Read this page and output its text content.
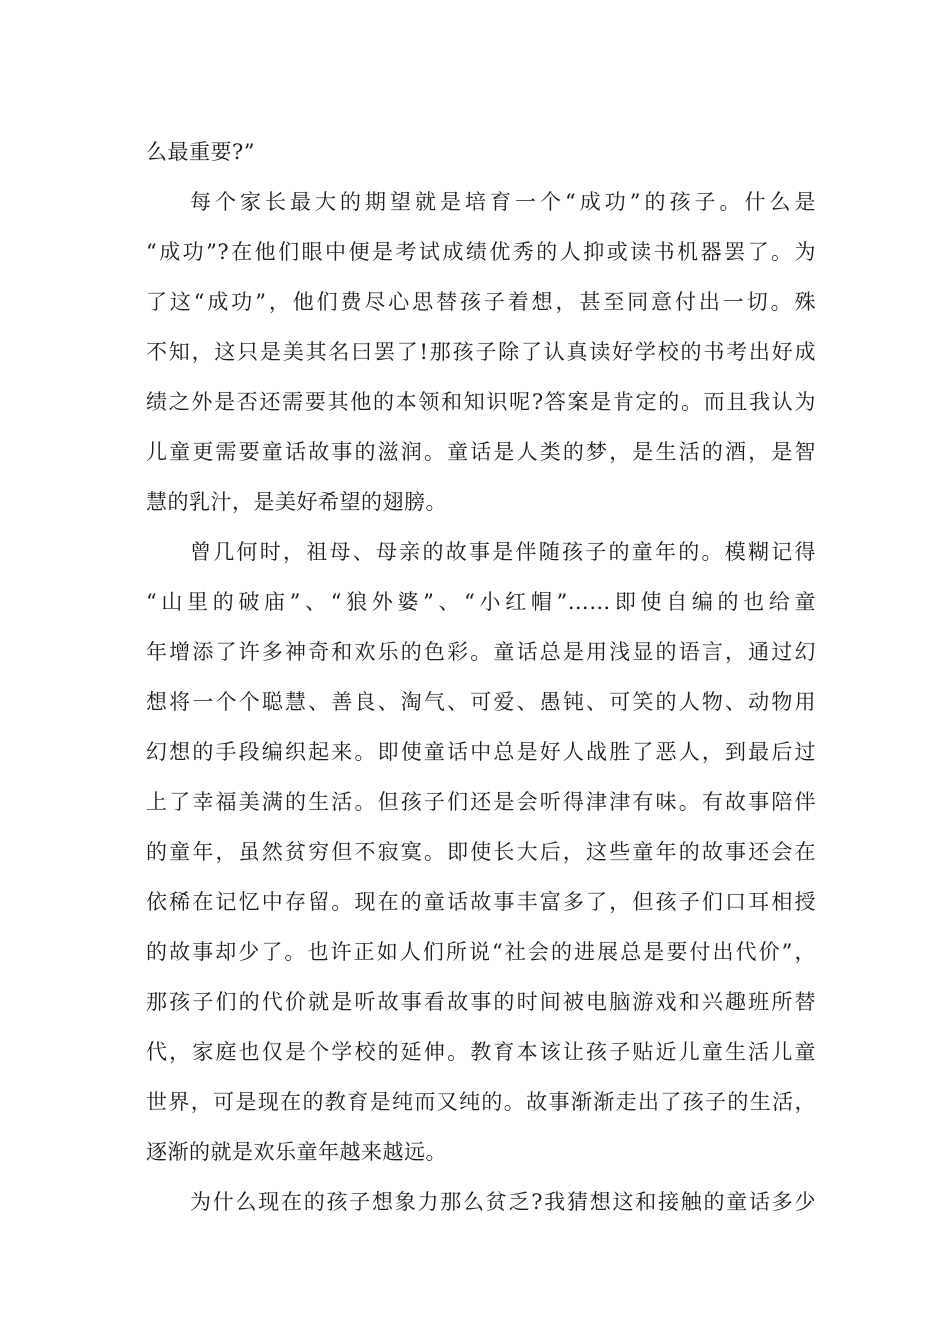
么最重要?”
每个家长最大的期望就是培育一个“成功”的孩子。什么是
“成功”?在他们眼中便是考试成绩优秀的人抑或读书机器罢了。为
了这“成功”，他们费尽心思替孩子着想，甚至同意付出一切。殊
不知，这只是美其名曰罢了!那孩子除了认真读好学校的书考出好成
绩之外是否还需要其他的本领和知识呢?答案是肯定的。而且我认为
儿童更需要童话故事的滋润。童话是人类的梦，是生活的酒，是智
慧的乳汁，是美好希望的翅膀。
曾几何时，祖母、母亲的故事是伴随孩子的童年的。模糊记得
“山里的破庙”、“狼外婆”、“小红帽”……即使自编的也给童
年增添了许多神奇和欢乐的色彩。童话总是用浅显的语言，通过幻
想将一个个聪慧、善良、淘气、可爱、愚钝、可笑的人物、动物用
幻想的手段编织起来。即使童话中总是好人战胜了恶人，到最后过
上了幸福美满的生活。但孩子们还是会听得津津有味。有故事陪伴
的童年，虽然贫穷但不寂寞。即使长大后，这些童年的故事还会在
依稀在记忆中存留。现在的童话故事丰富多了，但孩子们口耳相授
的故事却少了。也许正如人们所说“社会的进展总是要付出代价”，
那孩子们的代价就是听故事看故事的时间被电脑游戏和兴趣班所替
代，家庭也仅是个学校的延伸。教育本该让孩子贴近儿童生活儿童
世界，可是现在的教育是纯而又纯的。故事渐渐走出了孩子的生活，
逐渐的就是欢乐童年越来越远。
为什么现在的孩子想象力那么贫乏?我猜想这和接触的童话多少
